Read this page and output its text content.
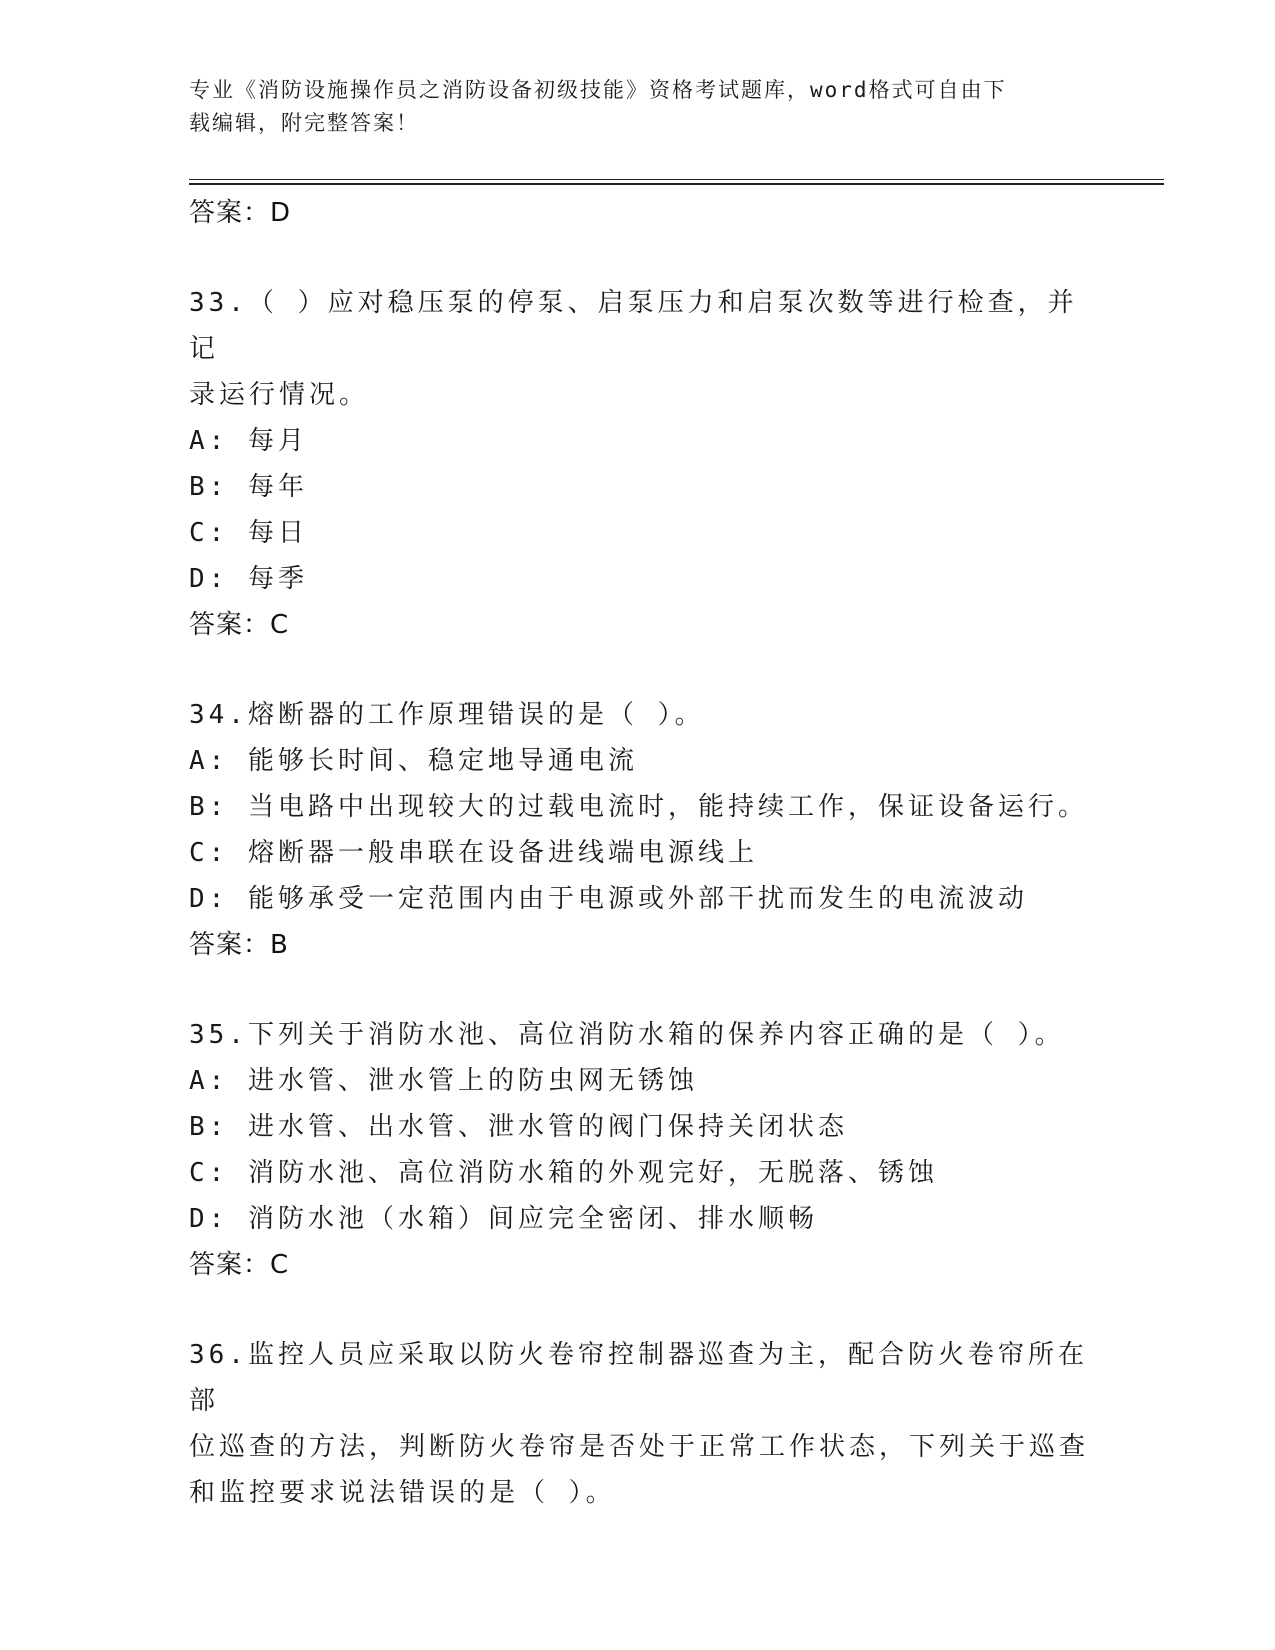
专业《消防设施操作员之消防设备初级技能》资格考试题库，word格式可自由下
载编辑，附完整答案！
答案：D
33.（ ）应对稳压泵的停泵、启泵压力和启泵次数等进行检查，并记
录运行情况。
A: 每月
B: 每年
C: 每日
D: 每季
答案：C
34.熔断器的工作原理错误的是（ ）。
A: 能够长时间、稳定地导通电流
B: 当电路中出现较大的过载电流时，能持续工作，保证设备运行。
C: 熔断器一般串联在设备进线端电源线上
D: 能够承受一定范围内由于电源或外部干扰而发生的电流波动
答案：B
35.下列关于消防水池、高位消防水箱的保养内容正确的是（ ）。
A: 进水管、泄水管上的防虫网无锈蚀
B: 进水管、出水管、泄水管的阀门保持关闭状态
C: 消防水池、高位消防水箱的外观完好，无脱落、锈蚀
D: 消防水池（水箱）间应完全密闭、排水顺畅
答案：C
36.监控人员应采取以防火卷帘控制器巡查为主，配合防火卷帘所在部
位巡查的方法，判断防火卷帘是否处于正常工作状态，下列关于巡查
和监控要求说法错误的是（ ）。
